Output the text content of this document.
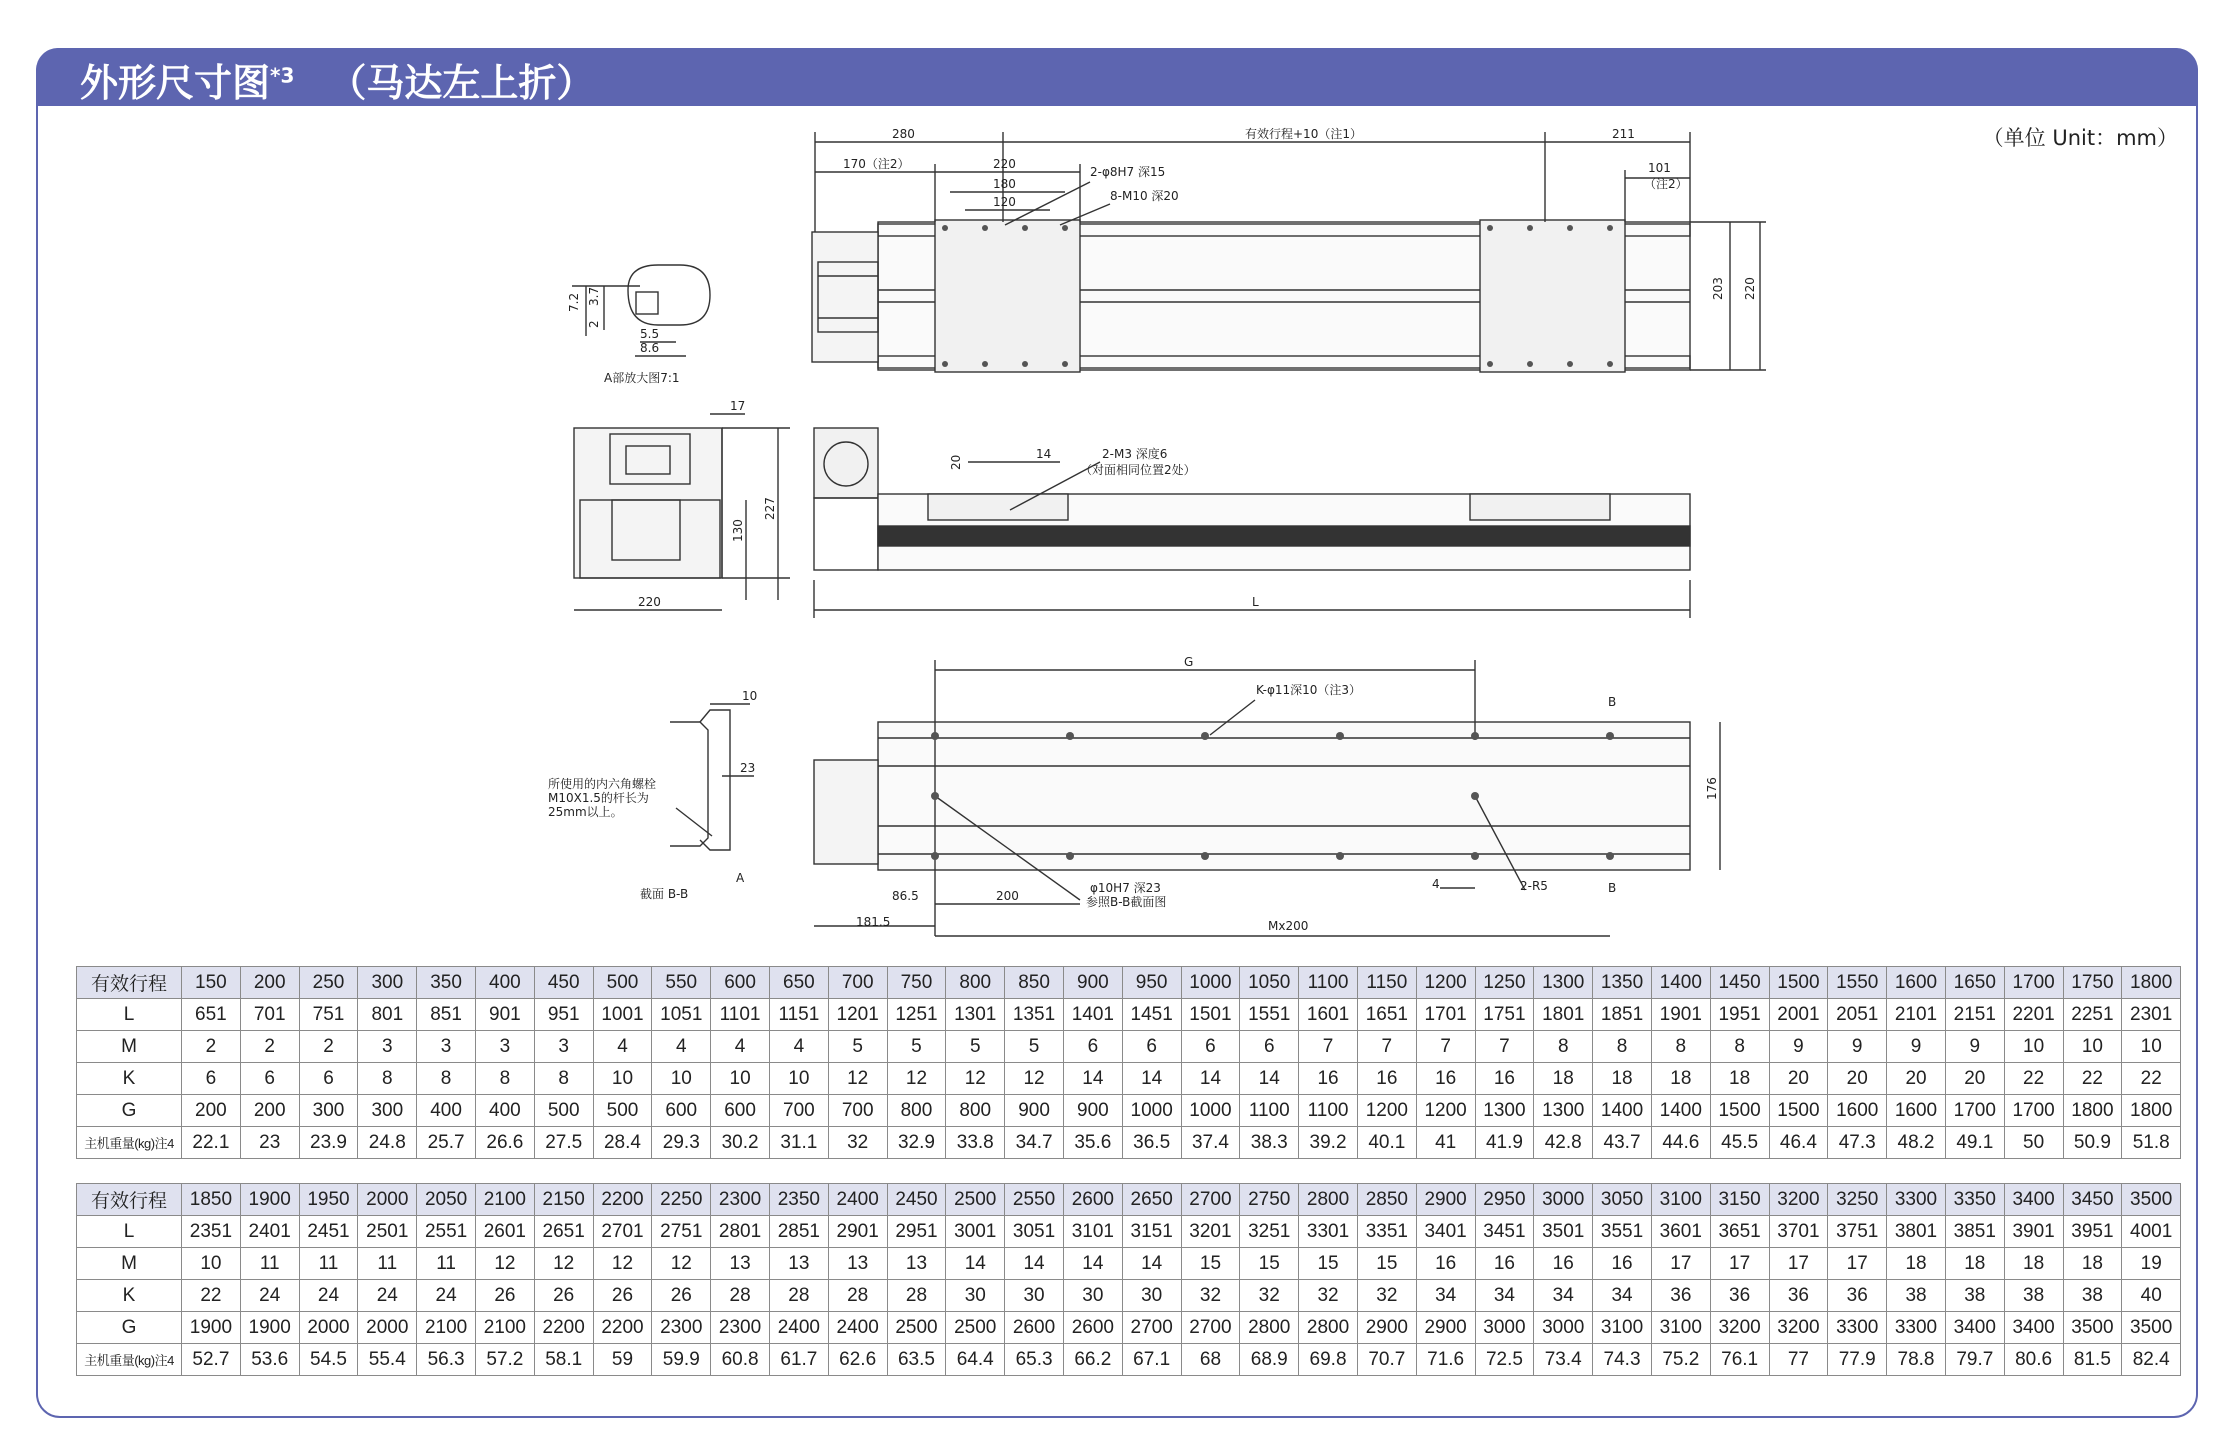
外形尺寸图$^{*3}$ （马达左上折）
（单位 Unit：mm）
280	有效行程+10（注1）	211
170（注2）	220
180
120
101
（注2）
2-φ8H7 深15
8-M10 深20
203 220
7.2 3.7
2
5.5
8.6
A部放大图7:1
17
130
227
220
20
14	2-M3 深度6
（对面相同位置2处）
L
10
23
所使用的内六角螺栓
M10X1.5的杆长为
25mm以上。
A
截面 B-B
G
K-φ11深10（注3）
B
B
176
86.5	200
φ10H7 深23
参照B-B截面图
4	2-R5
181.5	Mx200
有效行程	150	200	250	300	350	400	450	500	550	600	650	700	750	800	850	900	950	1000	1050	1100	1150	1200	1250	1300	1350	1400	1450	1500	1550	1600	1650	1700	1750	1800
L	651	701	751	801	851	901	951	1001	1051	1101	1151	1201	1251	1301	1351	1401	1451	1501	1551	1601	1651	1701	1751	1801	1851	1901	1951	2001	2051	2101	2151	2201	2251	2301
M	2	2	2	3	3	3	3	4	4	4	4	5	5	5	5	6	6	6	6	7	7	7	7	8	8	8	8	9	9	9	9	10	10	10
K	6	6	6	8	8	8	8	10	10	10	10	12	12	12	12	14	14	14	14	16	16	16	16	18	18	18	18	20	20	20	20	22	22	22
G	200	200	300	300	400	400	500	500	600	600	700	700	800	800	900	900	1000	1000	1100	1100	1200	1200	1300	1300	1400	1400	1500	1500	1600	1600	1700	1700	1800	1800
主机重量(kg)注4	22.1	23	23.9	24.8	25.7	26.6	27.5	28.4	29.3	30.2	31.1	32	32.9	33.8	34.7	35.6	36.5	37.4	38.3	39.2	40.1	41	41.9	42.8	43.7	44.6	45.5	46.4	47.3	48.2	49.1	50	50.9	51.8
有效行程	1850	1900	1950	2000	2050	2100	2150	2200	2250	2300	2350	2400	2450	2500	2550	2600	2650	2700	2750	2800	2850	2900	2950	3000	3050	3100	3150	3200	3250	3300	3350	3400	3450	3500
L	2351	2401	2451	2501	2551	2601	2651	2701	2751	2801	2851	2901	2951	3001	3051	3101	3151	3201	3251	3301	3351	3401	3451	3501	3551	3601	3651	3701	3751	3801	3851	3901	3951	4001
M	10	11	11	11	11	12	12	12	12	13	13	13	13	14	14	14	14	15	15	15	15	16	16	16	16	17	17	17	17	18	18	18	18	19
K	22	24	24	24	24	26	26	26	26	28	28	28	28	30	30	30	30	32	32	32	32	34	34	34	34	36	36	36	36	38	38	38	38	40
G	1900	1900	2000	2000	2100	2100	2200	2200	2300	2300	2400	2400	2500	2500	2600	2600	2700	2700	2800	2800	2900	2900	3000	3000	3100	3100	3200	3200	3300	3300	3400	3400	3500	3500
主机重量(kg)注4	52.7	53.6	54.5	55.4	56.3	57.2	58.1	59	59.9	60.8	61.7	62.6	63.5	64.4	65.3	66.2	67.1	68	68.9	69.8	70.7	71.6	72.5	73.4	74.3	75.2	76.1	77	77.9	78.8	79.7	80.6	81.5	82.4
